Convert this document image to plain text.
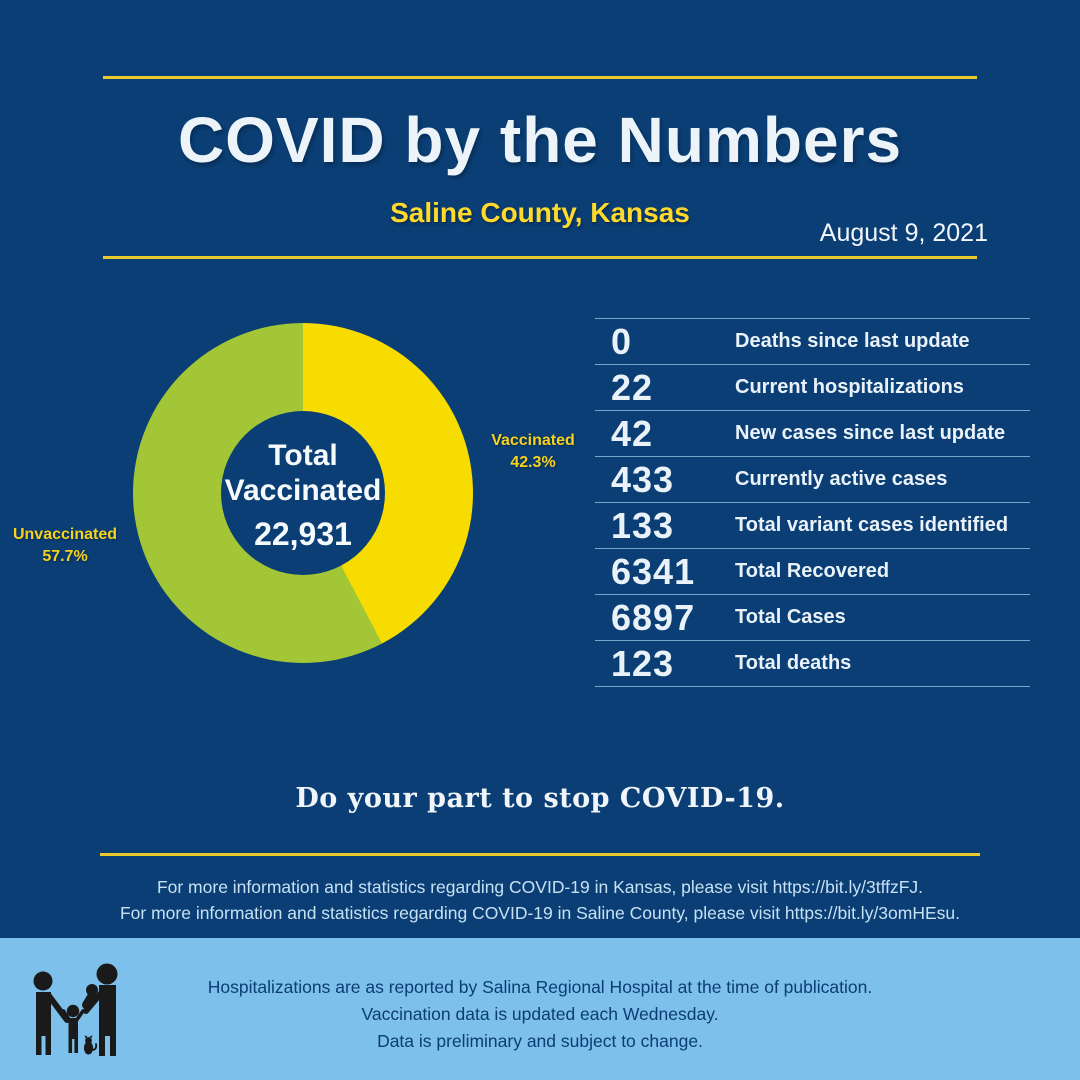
COVID by the Numbers
Saline County, Kansas
August 9, 2021
Total
Vaccinated
22,931
Vaccinated
42.3%
Unvaccinated
57.7%
0	Deaths since last update
22	Current hospitalizations
42	New cases since last update
433	Currently active cases
133	Total variant cases identified
6341	Total Recovered
6897	Total Cases
123	Total deaths
Do your part to stop COVID-19.
For more information and statistics regarding COVID-19 in Kansas, please visit https://bit.ly/3tffzFJ.
For more information and statistics regarding COVID-19 in Saline County, please visit https://bit.ly/3omHEsu.
Hospitalizations are as reported by Salina Regional Hospital at the time of publication.
Vaccination data is updated each Wednesday.
Data is preliminary and subject to change.
